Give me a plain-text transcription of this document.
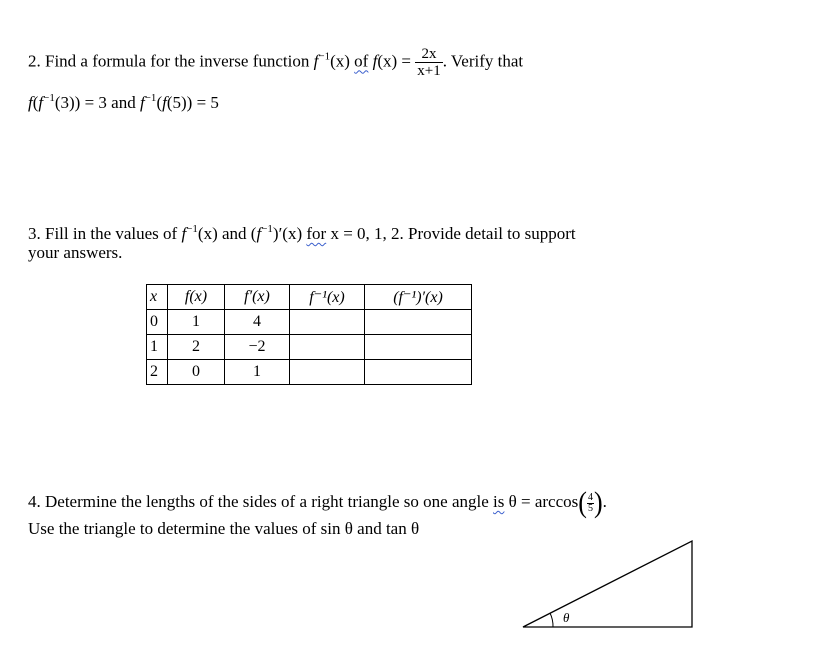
2. Find a formula for the inverse function $f^{-1}(x)$ of $f(x) = \frac{2x}{x+1}$ . Verify that
$f(f^{-1}(3)) = 3$ and $f^{-1}(f(5)) = 5$
3. Fill in the values of $f^{-1}(x)$ and $(f^{-1})'(x)$ for x = 0, 1, 2. Provide detail to support
your answers.
x	f(x)	f′(x)	f⁻¹(x)	(f⁻¹)′(x)
0	1	4		
1	2	−2		
2	0	1		
4. Determine the lengths of the sides of a right triangle so one angle is $\theta = \arccos( \frac{4}{5}$ ).
Use the triangle to determine the values of sin θ and tan θ
θ
